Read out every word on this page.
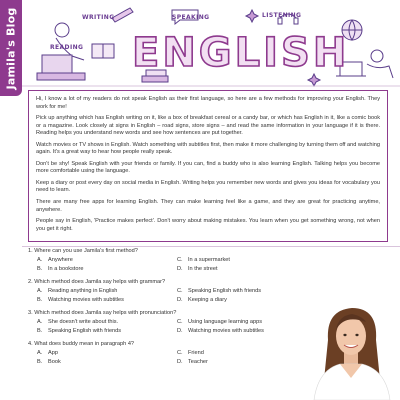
Jamila's Blog	SPEAKING	LISTENING
WRITING
READING ENGLISH

Hi, I know a lot of my readers do not speak English as their first language, so here are a few methods for improving your English. They work for me!

Pick up anything which has English writing on it, like a box of breakfast cereal or a candy bar, or which has English in it, like a comic book or a magazine. Look closely at signs in English – road signs, store signs – and read the same information in your language if it is there. Reading helps you understand new words and see how sentences are put together.

Watch movies or TV shows in English. Watch something with subtitles first, then make it more challenging by turning them off and watching again. It's a great way to hear how people really speak.

Don't be shy! Speak English with your friends or family. If you can, find a buddy who is also learning English. Talking helps you become more comfortable using the language.

Keep a diary or post every day on social media in English. Writing helps you remember new words and gives you ideas for vocabulary you need to learn.

There are many free apps for learning English. They can make learning feel like a game, and they are great for practicing anytime, anywhere.

People say in English, 'Practice makes perfect'. Don't worry about making mistakes. You learn when you get something wrong, not when you get it right.

1. Where can you use Jamila's first method?
A. Anywhere	C. In a supermarket
B. In a bookstore	D. In the street
2. Which method does Jamila say helps with grammar?
A. Reading anything in English	C. Speaking English with friends
B. Watching movies with subtitles	D. Keeping a diary
3. Which method does Jamila say helps with pronunciation?
A. She doesn't write about this.	C. Using language learning apps
B. Speaking English with friends	D. Watching movies with subtitles
4. What does buddy mean in paragraph 4?
A. App	C. Friend
B. Book	D. Teacher
